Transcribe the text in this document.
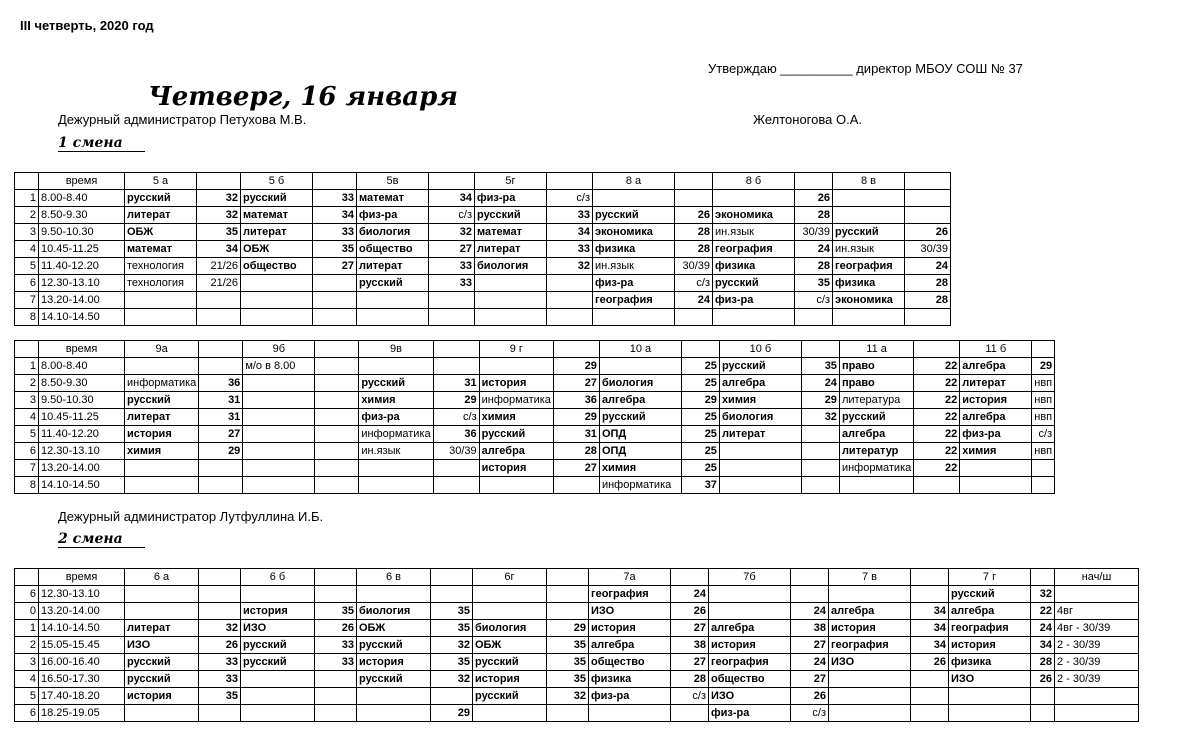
III четверть, 2020 год
Утверждаю __________ директор МБОУ СОШ № 37
Четверг, 16 января
Дежурный администратор Петухова М.В.	Желтоногова О.А.
1 смена
	время	5 а		5 б		5в		5г		8 а		8 б		8 в	
1	8.00-8.40	русский	32	русский	33	математ	34	физ-ра	с/з				26		
2	8.50-9.30	литерат	32	математ	34	физ-ра	с/з	русский	33	русский	26	экономика	28		
3	9.50-10.30	ОБЖ	35	литерат	33	биология	32	математ	34	экономика	28	ин.язык	30/39	русский	26
4	10.45-11.25	математ	34	ОБЖ	35	общество	27	литерат	33	физика	28	география	24	ин.язык	30/39
5	11.40-12.20	технология	21/26	общество	27	литерат	33	биология	32	ин.язык	30/39	физика	28	география	24
6	12.30-13.10	технология	21/26			русский	33			физ-ра	с/з	русский	35	физика	28
7	13.20-14.00									география	24	физ-ра	с/з	экономика	28
8	14.10-14.50														
	время	9а		9б		9в		9 г		10 а		10 б		11 а		11 б	
1	8.00-8.40			м/о в 8.00					29		25	русский	35	право	22	алгебра	29
2	8.50-9.30	информатика	36			русский	31	история	27	биология	25	алгебра	24	право	22	литерат	нвп
3	9.50-10.30	русский	31			химия	29	информатика	36	алгебра	29	химия	29	литература	22	история	нвп
4	10.45-11.25	литерат	31			физ-ра	с/з	химия	29	русский	25	биология	32	русский	22	алгебра	нвп
5	11.40-12.20	история	27			информатика	36	русский	31	ОПД	25	литерат		алгебра	22	физ-ра	с/з
6	12.30-13.10	химия	29			ин.язык	30/39	алгебра	28	ОПД	25			литератур	22	химия	нвп
7	13.20-14.00							история	27	химия	25			информатика	22		
8	14.10-14.50									информатика	37						
Дежурный администратор Лутфуллина И.Б.
2 смена
	время	6 а		6 б		6 в		6г		7а		7б		7 в		7 г		нач/ш
6	12.30-13.10									география	24					русский	32	
0	13.20-14.00			история	35	биология	35			ИЗО	26		24	алгебра	34	алгебра	22	4вг
1	14.10-14.50	литерат	32	ИЗО	26	ОБЖ	35	биология	29	история	27	алгебра	38	история	34	география	24	4вг - 30/39
2	15.05-15.45	ИЗО	26	русский	33	русский	32	ОБЖ	35	алгебра	38	история	27	география	34	история	34	2 - 30/39
3	16.00-16.40	русский	33	русский	33	история	35	русский	35	общество	27	география	24	ИЗО	26	физика	28	2 - 30/39
4	16.50-17.30	русский	33			русский	32	история	35	физика	28	общество	27			ИЗО	26	2 - 30/39
5	17.40-18.20	история	35					русский	32	физ-ра	с/з	ИЗО	26					
6	18.25-19.05						29					физ-ра	с/з					
